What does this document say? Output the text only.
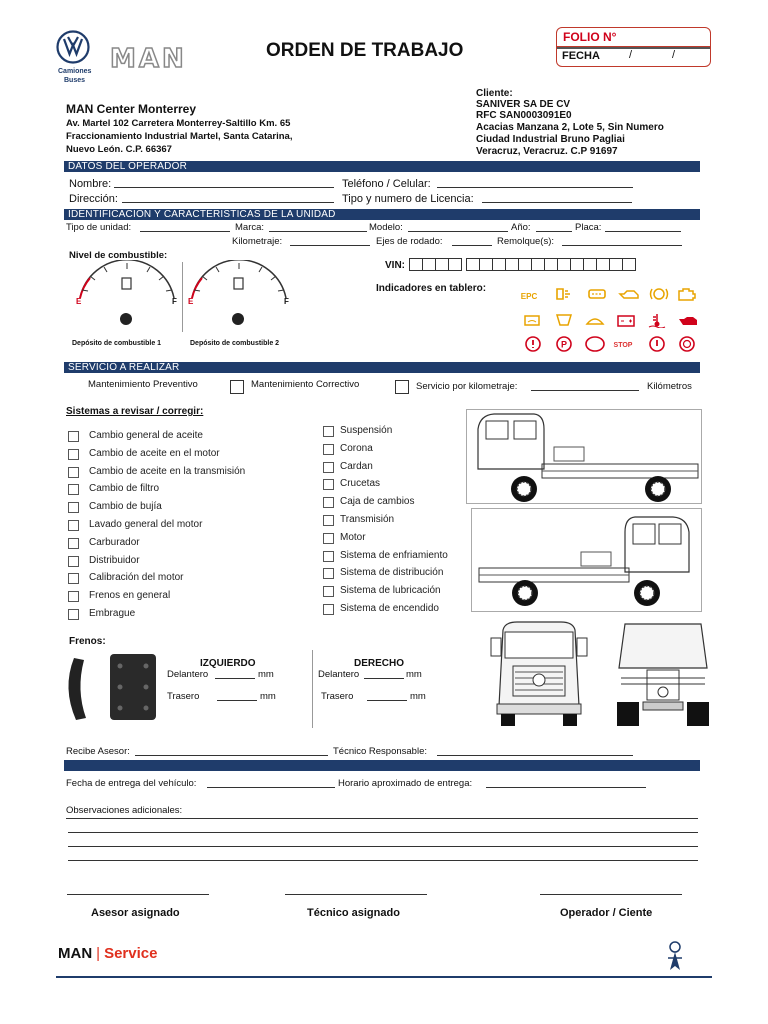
Camiones
Buses
MAN	ORDEN DE TRABAJO
FOLIO N°
FECHA	/	/
MAN Center Monterrey
Av. Martel 102 Carretera Monterrey-Saltillo Km. 65
Fraccionamiento Industrial Martel, Santa Catarina,
Nuevo León. C.P. 66367
Cliente:
SANIVER SA DE CV
RFC SAN0003091E0
Acacias Manzana 2, Lote 5, Sin Numero
Ciudad Industrial Bruno Pagliai
Veracruz, Veracruz. C.P 91697
DATOS DEL OPERADOR
Nombre:
Dirección:
Teléfono / Celular:
Tipo y numero de Licencia:
IDENTIFICACION Y CARACTERISTICAS DE LA UNIDAD
Tipo de unidad:	Marca:	Modelo:	Año:	Placa:
Kilometraje:	Ejes de rodado:	Remolque(s):
Nivel de combustible:
E	F E	F
Depósito de combustible 1	Depósito de combustible 2
VIN:
Indicadores en tablero:
EPC
P	STOP
SERVICIO A REALIZAR
Mantenimiento Preventivo	Mantenimiento Correctivo	Servicio por kilometraje:	Kilómetros
Sistemas a revisar / corregir:
Cambio general de aceite
Cambio de aceite en el motor
Cambio de aceite en la transmisión
Cambio de filtro
Cambio de bujía
Lavado general del motor
Carburador
Distribuidor
Calibración del motor
Frenos en general
Embrague
Suspensión
Corona
Cardan
Crucetas
Caja de cambios
Transmisión
Motor
Sistema de enfriamiento
Sistema de distribución
Sistema de lubricación
Sistema de encendido
Frenos:
IZQUIERDO
Delantero	mm
Trasero	mm
DERECHO
Delantero	mm
Trasero	mm
Recibe Asesor:	Técnico Responsable:
Fecha de entrega del vehículo:	Horario aproximado de entrega:
Observaciones adicionales:
Asesor asignado	Técnico asignado	Operador / Ciente
MAN | Service
